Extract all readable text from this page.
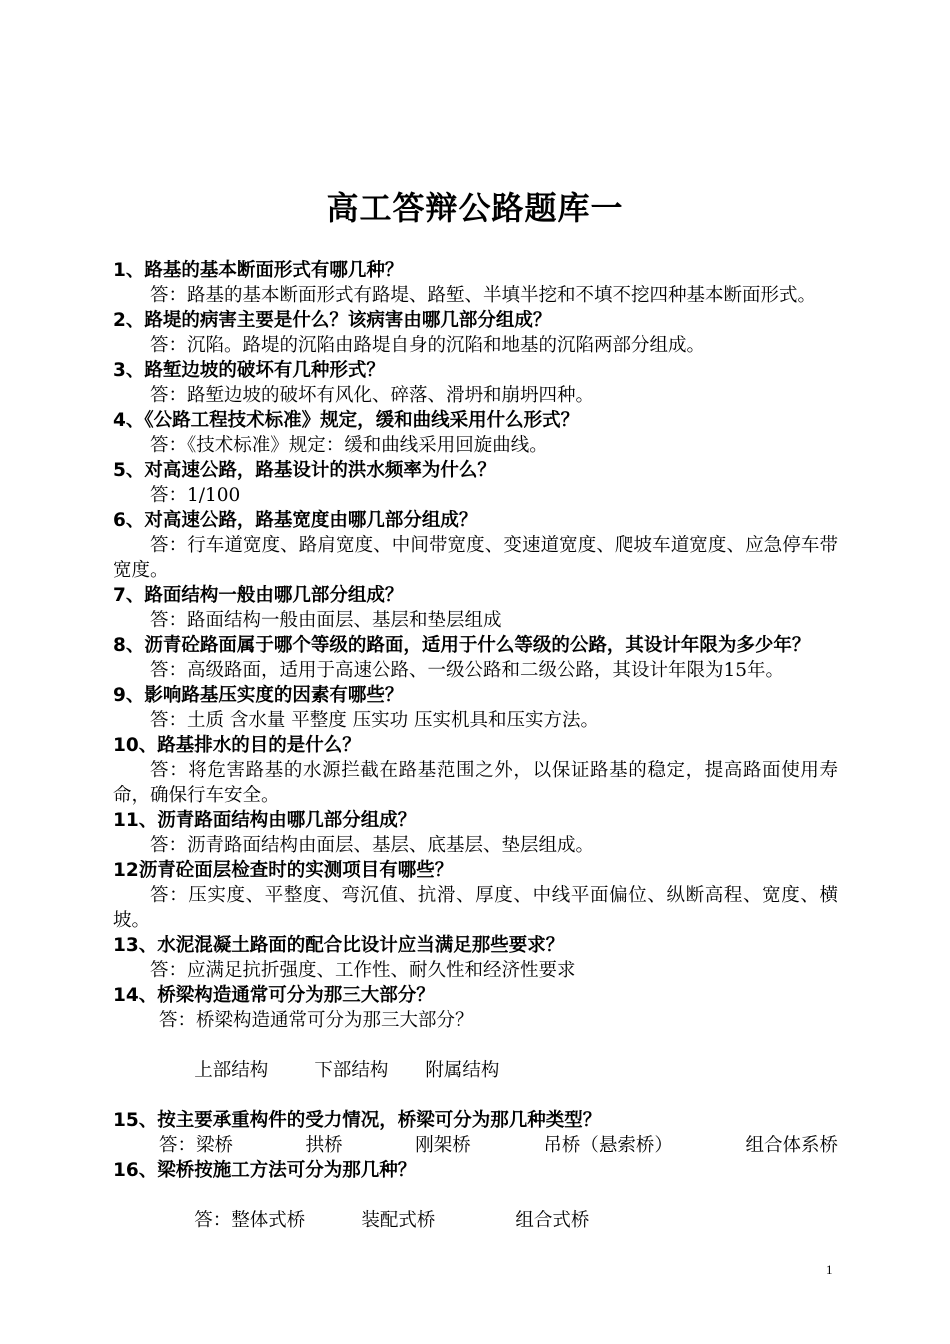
高工答辩公路题库一

1、路基的基本断面形式有哪几种？

答：路基的基本断面形式有路堤、路堑、半填半挖和不填不挖四种基本断面形式。

2、路堤的病害主要是什么？该病害由哪几部分组成？

答：沉陷。路堤的沉陷由路堤自身的沉陷和地基的沉陷两部分组成。

3、路堑边坡的破坏有几种形式？

答：路堑边坡的破坏有风化、碎落、滑坍和崩坍四种。

4、《公路工程技术标准》规定，缓和曲线采用什么形式？

答：《技术标准》规定：缓和曲线采用回旋曲线。

5、对高速公路，路基设计的洪水频率为什么？

答：1/100

6、对高速公路，路基宽度由哪几部分组成？

答：行车道宽度、路肩宽度、中间带宽度、变速道宽度、爬坡车道宽度、应急停车带宽度。

7、路面结构一般由哪几部分组成？

答：路面结构一般由面层、基层和垫层组成

8、沥青砼路面属于哪个等级的路面，适用于什么等级的公路，其设计年限为多少年？

答：高级路面，适用于高速公路、一级公路和二级公路，其设计年限为15年。

9、影响路基压实度的因素有哪些？

答：土质 含水量 平整度 压实功 压实机具和压实方法。

10、路基排水的目的是什么？

答：将危害路基的水源拦截在路基范围之外，以保证路基的稳定，提高路面使用寿命，确保行车安全。

11、沥青路面结构由哪几部分组成？

答：沥青路面结构由面层、基层、底基层、垫层组成。

12沥青砼面层检查时的实测项目有哪些？

答：压实度、平整度、弯沉值、抗滑、厚度、中线平面偏位、纵断高程、宽度、横坡。

13、水泥混凝土路面的配合比设计应当满足那些要求？

答：应满足抗折强度、工作性、耐久性和经济性要求

14、桥梁构造通常可分为那三大部分？

答：桥梁构造通常可分为那三大部分？

上部结构 下部结构 附属结构

15、按主要承重构件的受力情况，桥梁可分为那几种类型？

答：梁桥	拱桥	刚架桥	吊桥（悬索桥）	组合体系桥

16、梁桥按施工方法可分为那几种？

答：整体式桥	装配式桥	组合式桥

1
